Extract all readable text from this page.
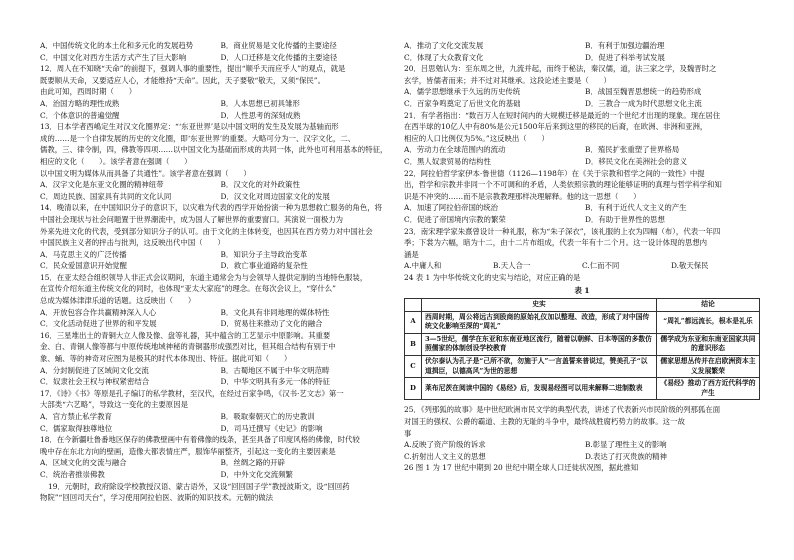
A．中国传统文化的本土化和多元化的发展趋势	B．商业贸易是文化传播的主要途径
C．中国文化对西方生活方式产生了巨大影响	D．人口迁移是文化传播的主要途径
12．周人在不知晓“天命”的前提下，强调人事的重要性，提出“顺乎天而应乎人”的观点，就是
既要顺从天命，又要适应人心，才能维持“天命”。因此，天子要敬“敬天，又须“保民”。
由此可知，西周时期（　　）
A．治国方略的理性成熟	B．人本思想已初具雏形
C．个体意识的普遍觉醒	D．人性思考的深刻成熟
13．日本学者西嶋定生对汉文化圈界定：“‘东亚世界’是以中国文明的发生及发展为基轴而形
成的……是一个自律发展的历史的文化圈，即‘东亚世界’的重要。大略可分为一、汉字文化，二、
儒教，三、律令制，四，佛教等四项……以中国文化为基础而形成的共同一体，此外也可利用基本的特征，
相应的文化（　　）。该学者意在强调（　　）
以中国文明为媒体从而具备了共通性”。该学者意在强调（　　）
A．汉字文化是东亚文化圈的精神纽带	B．汉文化的对外政策性
C．周边民族、国家具有共同的文化认同	D．汉文化对周边国家文化的发展
14．晚清以来，在中国知识分子的意识下，以灾难为代表的西学开始扮演一种为思想救亡服务的角色，将
中国社会现状与社会问题置于世界潮流中，成为国人了解世界的重要窗口。其演说一面极力为
外来先进文化的代表，受到部分知识分子的认可。由于文化的主体转变，也因其在西方势力对中国社会
中国民族主义者的抨击与批判，这反映出代中国（　　）
A．马克思主义的广泛传播	B．知识分子主导政治变革
C．民众爱国意识开始觉醒	D．救亡事业道路的复杂性
15．在亚太经合组织领导人非正式会议期间，东道主通常会为与会领导人提供定制的当地特色服装，
在宣传介绍东道主传统文化的同时，也体现“亚太大家庭”的理念。在每次会议上，“穿什么”
总成为媒体津津乐道的话题。这反映出（　　）
A．开放包容合作共赢精神深入人心	B．文化具有非同地理的媒体特性
C．文化活动促进了世界的和平发展	D．贸易往来推动了文化的融合
16．三星堆出土的青铜大立人像及像、盘等礼器，其中蕴含的工艺显示中原影响。其重要
金、白、青铜人像等都与中原传统地域神秘的青铜器形成强烈对比，但其组合结构有别于中
象、蛹、等的神奇对应图为是极其的时代本体现出、特征。据此可知（　　）
A．分封制促进了区域间文化交流	B．古蜀地区不属于中华文明范畴
C．奴隶社会王权与神权紧密结合	D．中华文明具有多元一体的特征
17．《诗》《书》等原是孔子编订的私学教材，至汉代，在经过百家争鸣，《汉书·艺文志》第一
大部类“六艺略”，导致这一变化的主要原因是
A．官方禁止私学教育	B．吸取秦朝灭亡的历史教训
C．儒家取得独尊地位	D．司马迁撰写《史记》的影响
18．在今新疆吐鲁番地区保存的佛教壁画中有着佛像的线条，甚至具备了印度风格的佛像，时代较
晚中存在东北方向的壁画，造像大都表情庄严，服饰华丽整齐，引起这一变化的主要因素是
A．区域文化的交流与融合	B．丝绸之路的开辟
C．统治者推崇佛教	D．中外文化交流频繁
19．元朝时，政府除设学校教授汉语、蒙古语外，又设“回回国子学”教授波斯文，设“回回药
物院”“回回司天台”，学习使用阿拉伯医、波斯的知识技术。元朝的做法
A．推动了文化交流发展	B．有利于加强边疆治理
C．体现了大众教育文化	D．促进了科举考试发展
20．吕思勉认为：至东周之世，九流并起，而终于秘法，秦汉儒，道，法三家之学，及魏晋时之
玄学，皆儒者而来；并不过对其继承。这段论述主要是（　　）
A．儒学思想继承于久远的历史传统	B．战国至魏晋思想统一的趋势形成
C．百家争鸣奠定了后世文化的基础	D．三教合一成为时代思想文化主流
21．有学者指出：“数百万人在短时间内的大规模迁移是最近的一个世纪才出现的现象。现在居住
在西半球的10亿人中有80%是公元1500年后来到这里的移民的后裔，在欧洲、非洲和亚洲，
相应的人口比例仅为5%。”这反映出（　　）
A．劳动力在全球范围内的流动	B．殖民扩张重塑了世界格局
C．黑人奴隶贸易的结构性	D．移民文化在美洲社会的意义
22．阿拉伯哲学家伊本·鲁世德（1126—1198年）在《关于宗教和哲学之间的一致性》中提
出，哲学和宗教并非同一个不可调和的矛盾，人类依照宗教的理论能够证明的真理与哲学科学和知
识是不冲突的……而不是宗教教理那样决理解释。他的这一思想（　　）
A．加速了阿拉伯帝国的统治	B．有利于近代人文主义的产生
C．促进了帝国境内宗教的繁荣	D．有助于世界性的思想
23．南宋理学家朱熹曾设计一种礼服，称为“朱子深衣”，该礼服的上衣为四幅（布），代表一年四
季；下裳为六幅，暗为十二，由十二片布组成，代表一年有十二个月。这一设计体现的思想内
涵是
A.中庸人和	B.天人合一	C.仁而不同	D.敬天保民
24 表 1 为中华传统文化的史实与结论，对应正确的是
表 1
	史实	结论
A	西周时期，周公将远古到股商的原始礼仪加以整理、改造，形成了对中国传统文化影响至深的“周礼”	“周礼”都远流长，根本是礼乐
B	3—5世纪，儒学在东亚和东南亚地区流行，随着以朝鲜、日本等国的多数仿照儒家的体制创设学校教育	儒学成为东亚和东南亚国家共同的意识形态
C	伏尔泰认为孔子是“己所不欲，勿施于人”一言盖誓来普说过，赞美孔子“以道揖臣，以德高风”为世的思想	儒家思想丛传并在启欧洲资本主义发展繁荣
D	莱布尼茨在阅读中国的《易经》后，发现易经图可以用来解释二进制数表	《易经》推动了西方近代科学的产生
25．《列那狐的故事》是中世纪欧洲市民文学的典型代表，讲述了代表新兴市民阶级的列那狐在面
对国王的强权、公爵的霸道、主教的无耻的斗争中，最终战胜腐朽势力的故事。这一故
事
A.反映了资产阶级的诉求	B.彰显了理性主义的影响
C.折射出人文主义的思想	D.表达了打灭贵族的精神
26 图 1 为 17 世纪中期到 20 世纪中期全球人口迁徙状况图，据此推知
